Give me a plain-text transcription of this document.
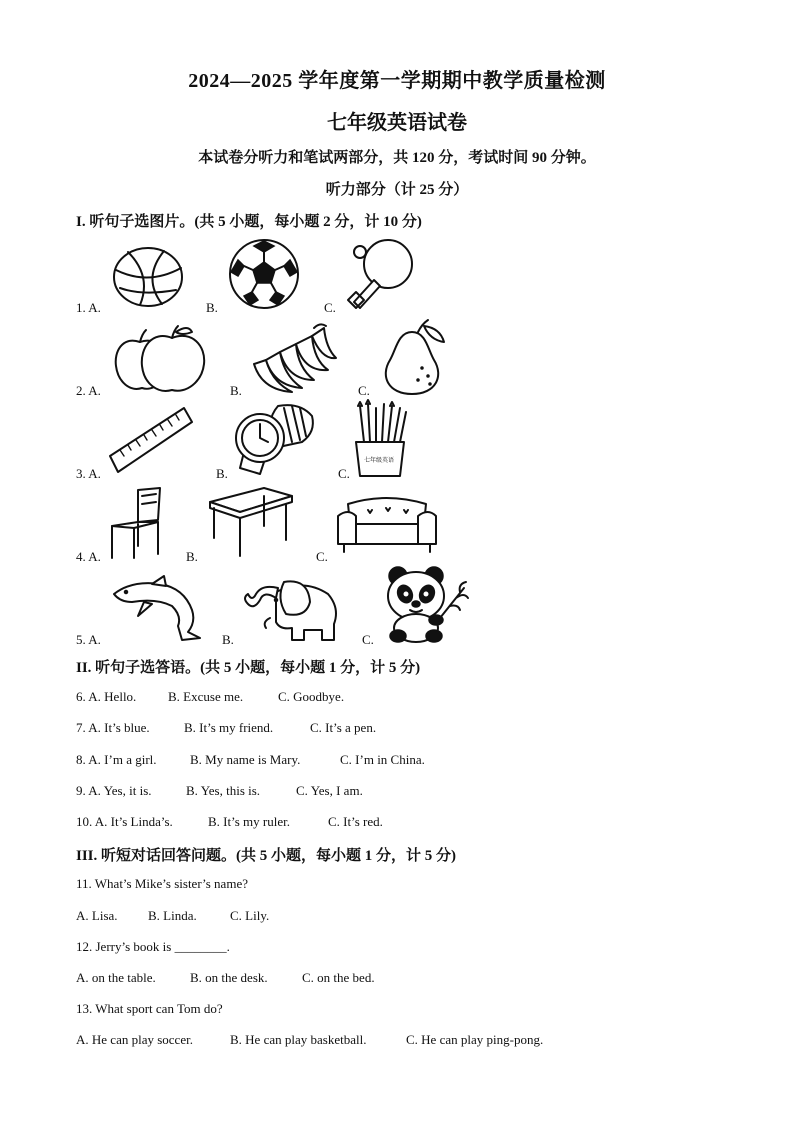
2024—2025 学年度第一学期期中教学质量检测
七年级英语试卷
本试卷分听力和笔试两部分，共 120 分，考试时间 90 分钟。
听力部分（计 25 分）
I. 听句子选图片。(共 5 小题，每小题 2 分，计 10 分)
1. A.	B.	C.
2. A.	B.	C.
3. A.	B.	C.
七年级英语
4. A.	B.	C.
5. A.	B.	C.
II. 听句子选答语。(共 5 小题，每小题 1 分，计 5 分)
6. A. Hello. B. Excuse me.	C. Goodbye.
7. A. It’s blue.	B. It’s my friend.	C. It’s a pen.
8. A. I’m a girl.	B. My name is Mary.	C. I’m in China.
9. A. Yes, it is.	B. Yes, this is.	C. Yes, I am.
10. A. It’s Linda’s.	B. It’s my ruler.	C. It’s red.
III. 听短对话回答问题。(共 5 小题，每小题 1 分，计 5 分)
11. What’s Mike’s sister’s name?
A. Lisa. B. Linda.	C. Lily.
12. Jerry’s book is ________.
A. on the table.	B. on the desk.	C. on the bed.
13. What sport can Tom do?
A. He can play soccer.	B. He can play basketball.	C. He can play ping-pong.
